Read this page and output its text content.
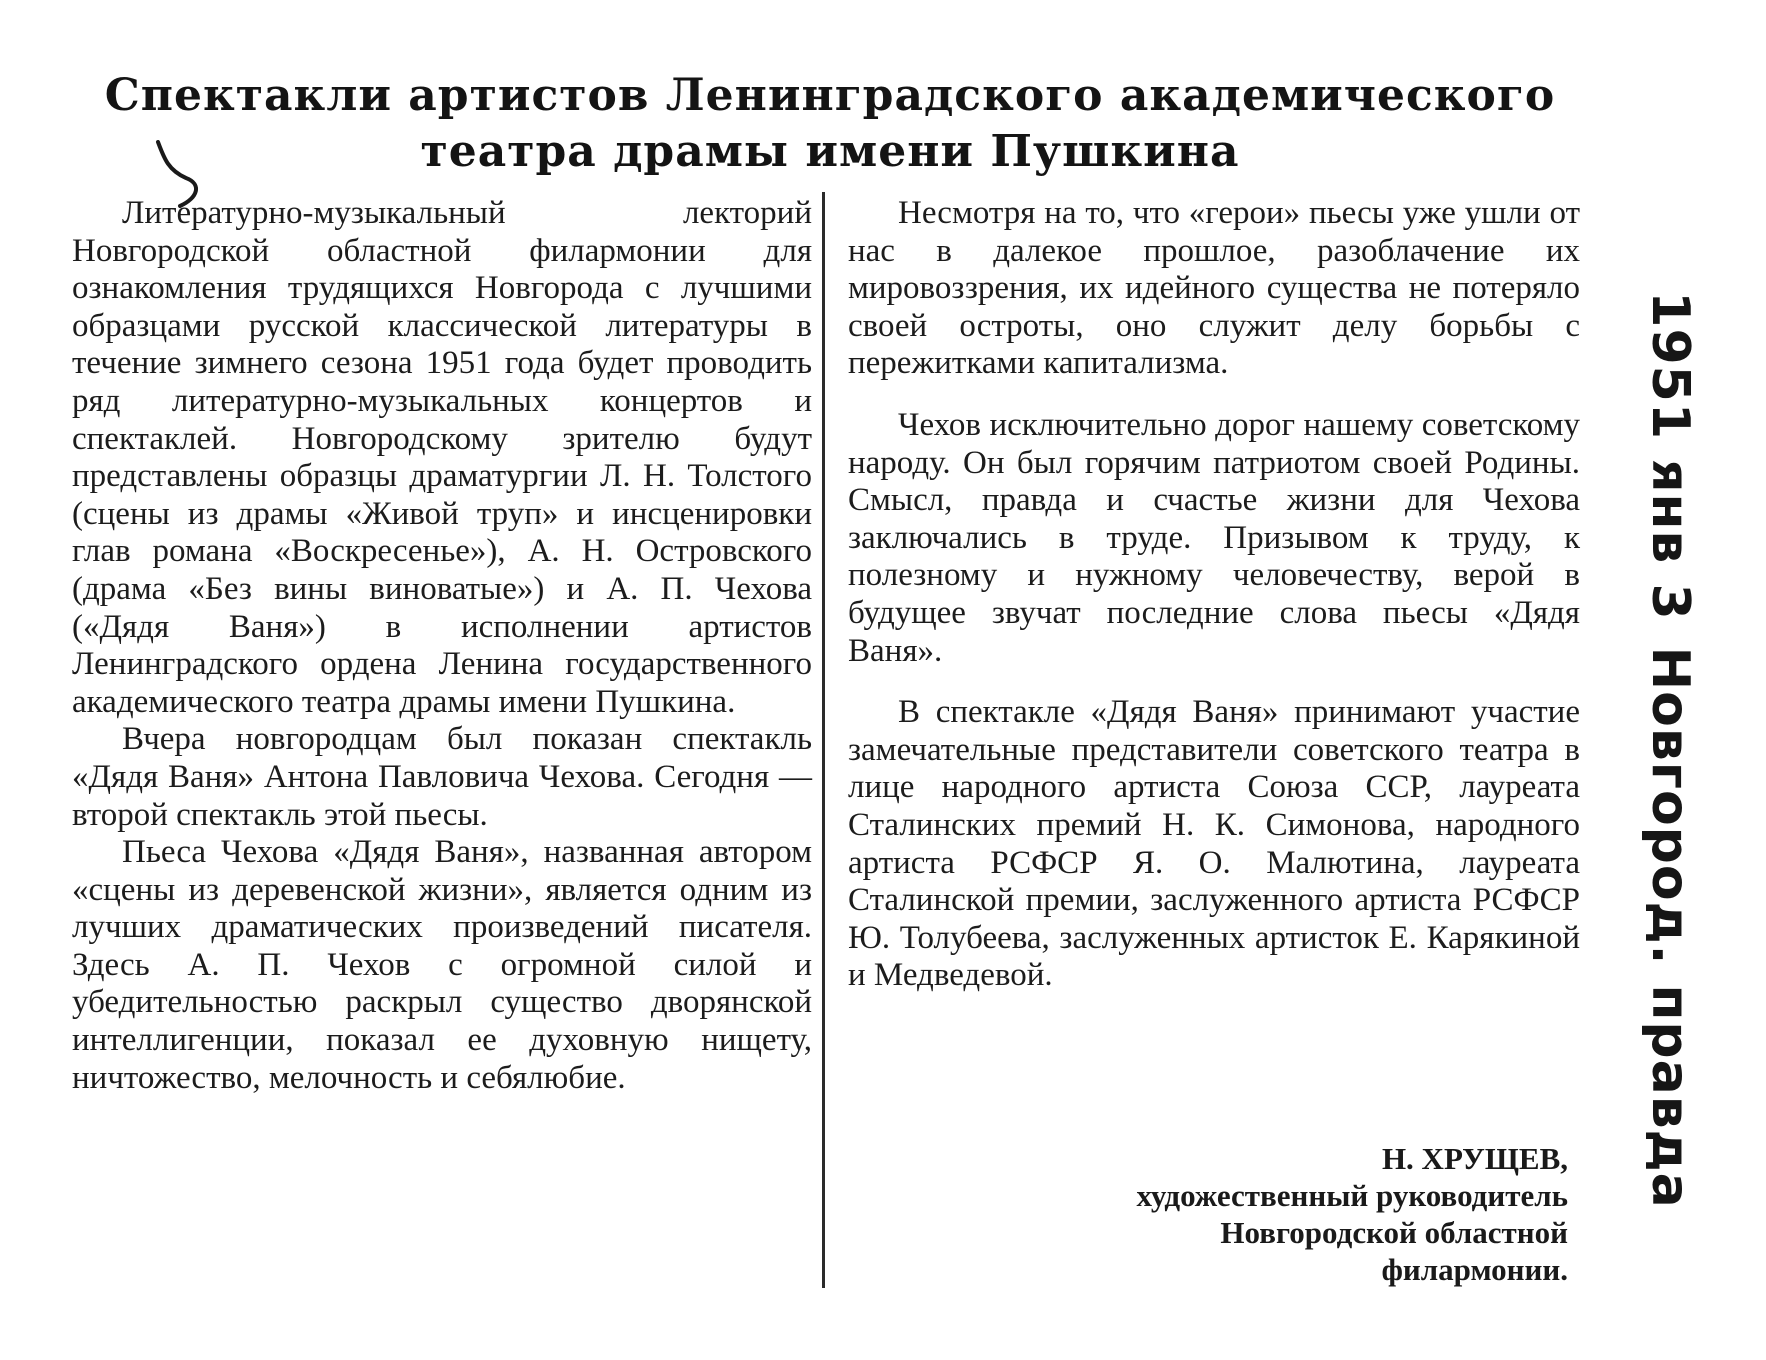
Спектакли артистов Ленинградского академического
театра драмы имени Пушкина

Литературно-музыкальный лекторий Новгородской областной филармонии для ознакомления трудящихся Новгорода с лучшими образцами русской классической литературы в течение зимнего сезона 1951 года будет проводить ряд литературно-музыкальных концертов и спектаклей. Новгородскому зрителю будут представлены образцы драматургии Л. Н. Толстого (сцены из драмы «Живой труп» и инсценировки глав романа «Воскресенье»), А. Н. Островского (драма «Без вины виноватые») и А. П. Чехова («Дядя Ваня») в исполнении артистов Ленинградского ордена Ленина государственного академического театра драмы имени Пушкина.

Вчера новгородцам был показан спектакль «Дядя Ваня» Антона Павловича Чехова. Сегодня — второй спектакль этой пьесы.

Пьеса Чехова «Дядя Ваня», названная автором «сцены из деревенской жизни», является одним из лучших драматических произведений писателя. Здесь А. П. Чехов с огромной силой и убедительностью раскрыл существо дворянской интеллигенции, показал ее духовную нищету, ничтожество, мелочность и себялюбие.

Несмотря на то, что «герои» пьесы уже ушли от нас в далекое прошлое, разоблачение их мировоззрения, их идейного существа не потеряло своей остроты, оно служит делу борьбы с пережитками капитализма.

Чехов исключительно дорог нашему советскому народу. Он был горячим патриотом своей Родины. Смысл, правда и счастье жизни для Чехова заключались в труде. Призывом к труду, к полезному и нужному человечеству, верой в будущее звучат последние слова пьесы «Дядя Ваня».

В спектакле «Дядя Ваня» принимают участие замечательные представители советского театра в лице народного артиста Союза ССР, лауреата Сталинских премий Н. К. Симонова, народного артиста РСФСР Я. О. Малютина, лауреата Сталинской премии, заслуженного артиста РСФСР Ю. Толубеева, заслуженных артисток Е. Карякиной и Медведевой.

Н. ХРУЩЕВ,
художественный руководитель
Новгородской областной
филармонии.
1951 янв 3Новгород. правда
